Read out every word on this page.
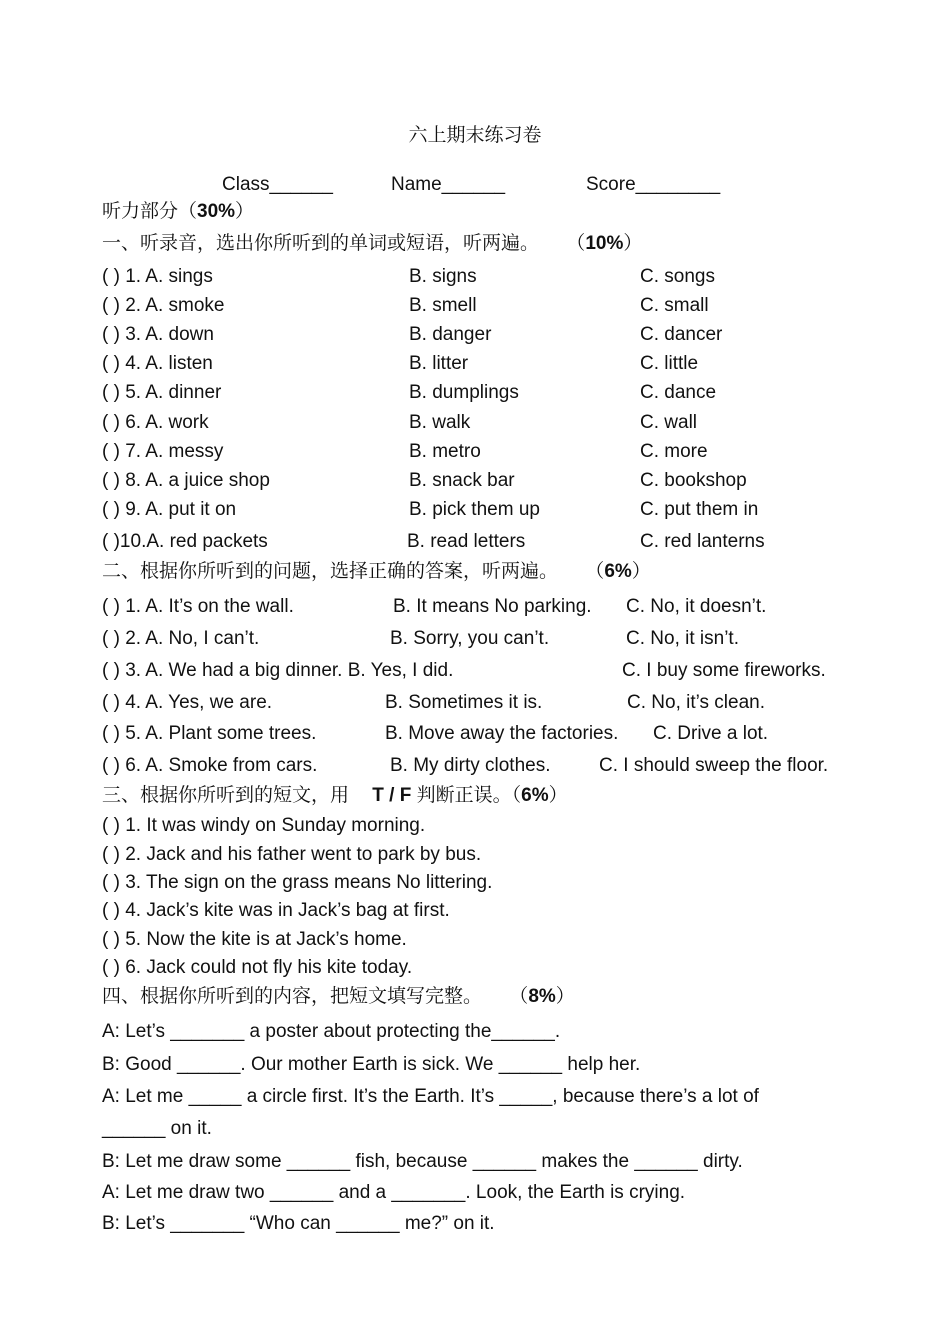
六上期末练习卷
Class______	Name______	Score________
听力部分（30%）
一、听录音，选出你所听到的单词或短语，听两遍。 （10%）
( ) 1. A. sings	B. signs	C. songs
( ) 2. A. smoke	B. smell	C. small
( ) 3. A. down	B. danger	C. dancer
( ) 4. A. listen	B. litter	C. little
( ) 5. A. dinner	B. dumplings	C. dance
( ) 6. A. work	B. walk	C. wall
( ) 7. A. messy	B. metro	C. more
( ) 8. A. a juice shop	B. snack bar	C. bookshop
( ) 9. A. put it on	B. pick them up	C. put them in
( )10.A. red packets	B. read letters	C. red lanterns
二、根据你所听到的问题，选择正确的答案，听两遍。 （6%）
( ) 1. A. It’s on the wall.	B. It means No parking. C. No, it doesn’t.
( ) 2. A. No, I can’t.	B. Sorry, you can’t.	C. No, it isn’t.
( ) 3. A. We had a big dinner. B. Yes, I did.	C. I buy some fireworks.
( ) 4. A. Yes, we are.	B. Sometimes it is.	C. No, it’s clean.
( ) 5. A. Plant some trees.	B. Move away the factories. C. Drive a lot.
( ) 6. A. Smoke from cars.	B. My dirty clothes.	C. I should sweep the floor.
三、根据你所听到的短文，用 T / F 判断正误。（6%）
( ) 1. It was windy on Sunday morning.
( ) 2. Jack and his father went to park by bus.
( ) 3. The sign on the grass means No littering.
( ) 4. Jack’s kite was in Jack’s bag at first.
( ) 5. Now the kite is at Jack’s home.
( ) 6. Jack could not fly his kite today.
四、根据你所听到的内容，把短文填写完整。 （8%）
A: Let’s _______ a poster about protecting the______.
B: Good ______. Our mother Earth is sick. We ______ help her.
A: Let me _____ a circle first. It’s the Earth. It’s _____, because there’s a lot of
______ on it.
B: Let me draw some ______ fish, because ______ makes the ______ dirty.
A: Let me draw two ______ and a _______. Look, the Earth is crying.
B: Let’s _______ “Who can ______ me?” on it.
